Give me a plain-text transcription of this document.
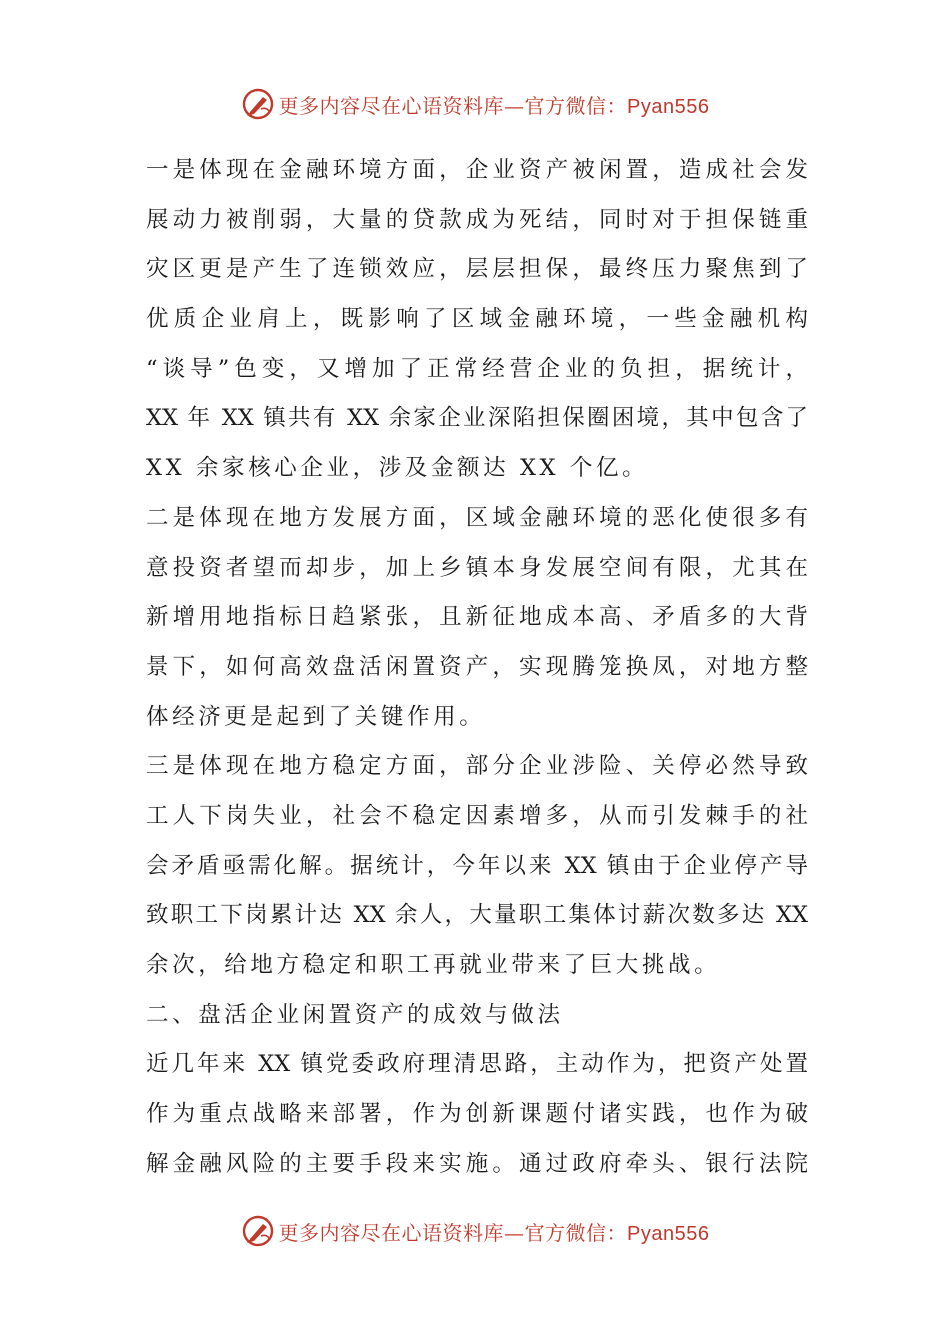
更多内容尽在心语资料库—官方微信：Pyan556
一是体现在金融环境方面，企业资产被闲置，造成社会发
展动力被削弱，大量的贷款成为死结，同时对于担保链重
灾区更是产生了连锁效应，层层担保，最终压力聚焦到了
优质企业肩上，既影响了区域金融环境，一些金融机构
“谈导”色变，又增加了正常经营企业的负担，据统计，
XX 年 XX 镇共有 XX 余家企业深陷担保圈困境，其中包含了
XX 余家核心企业，涉及金额达 XX 个亿。
二是体现在地方发展方面，区域金融环境的恶化使很多有
意投资者望而却步，加上乡镇本身发展空间有限，尤其在
新增用地指标日趋紧张，且新征地成本高、矛盾多的大背
景下，如何高效盘活闲置资产，实现腾笼换凤，对地方整
体经济更是起到了关键作用。
三是体现在地方稳定方面，部分企业涉险、关停必然导致
工人下岗失业，社会不稳定因素增多，从而引发棘手的社
会矛盾亟需化解。据统计，今年以来 XX 镇由于企业停产导
致职工下岗累计达 XX 余人，大量职工集体讨薪次数多达 XX
余次，给地方稳定和职工再就业带来了巨大挑战。
二、盘活企业闲置资产的成效与做法
近几年来 XX 镇党委政府理清思路，主动作为，把资产处置
作为重点战略来部署，作为创新课题付诸实践，也作为破
解金融风险的主要手段来实施。通过政府牵头、银行法院
更多内容尽在心语资料库—官方微信：Pyan556
